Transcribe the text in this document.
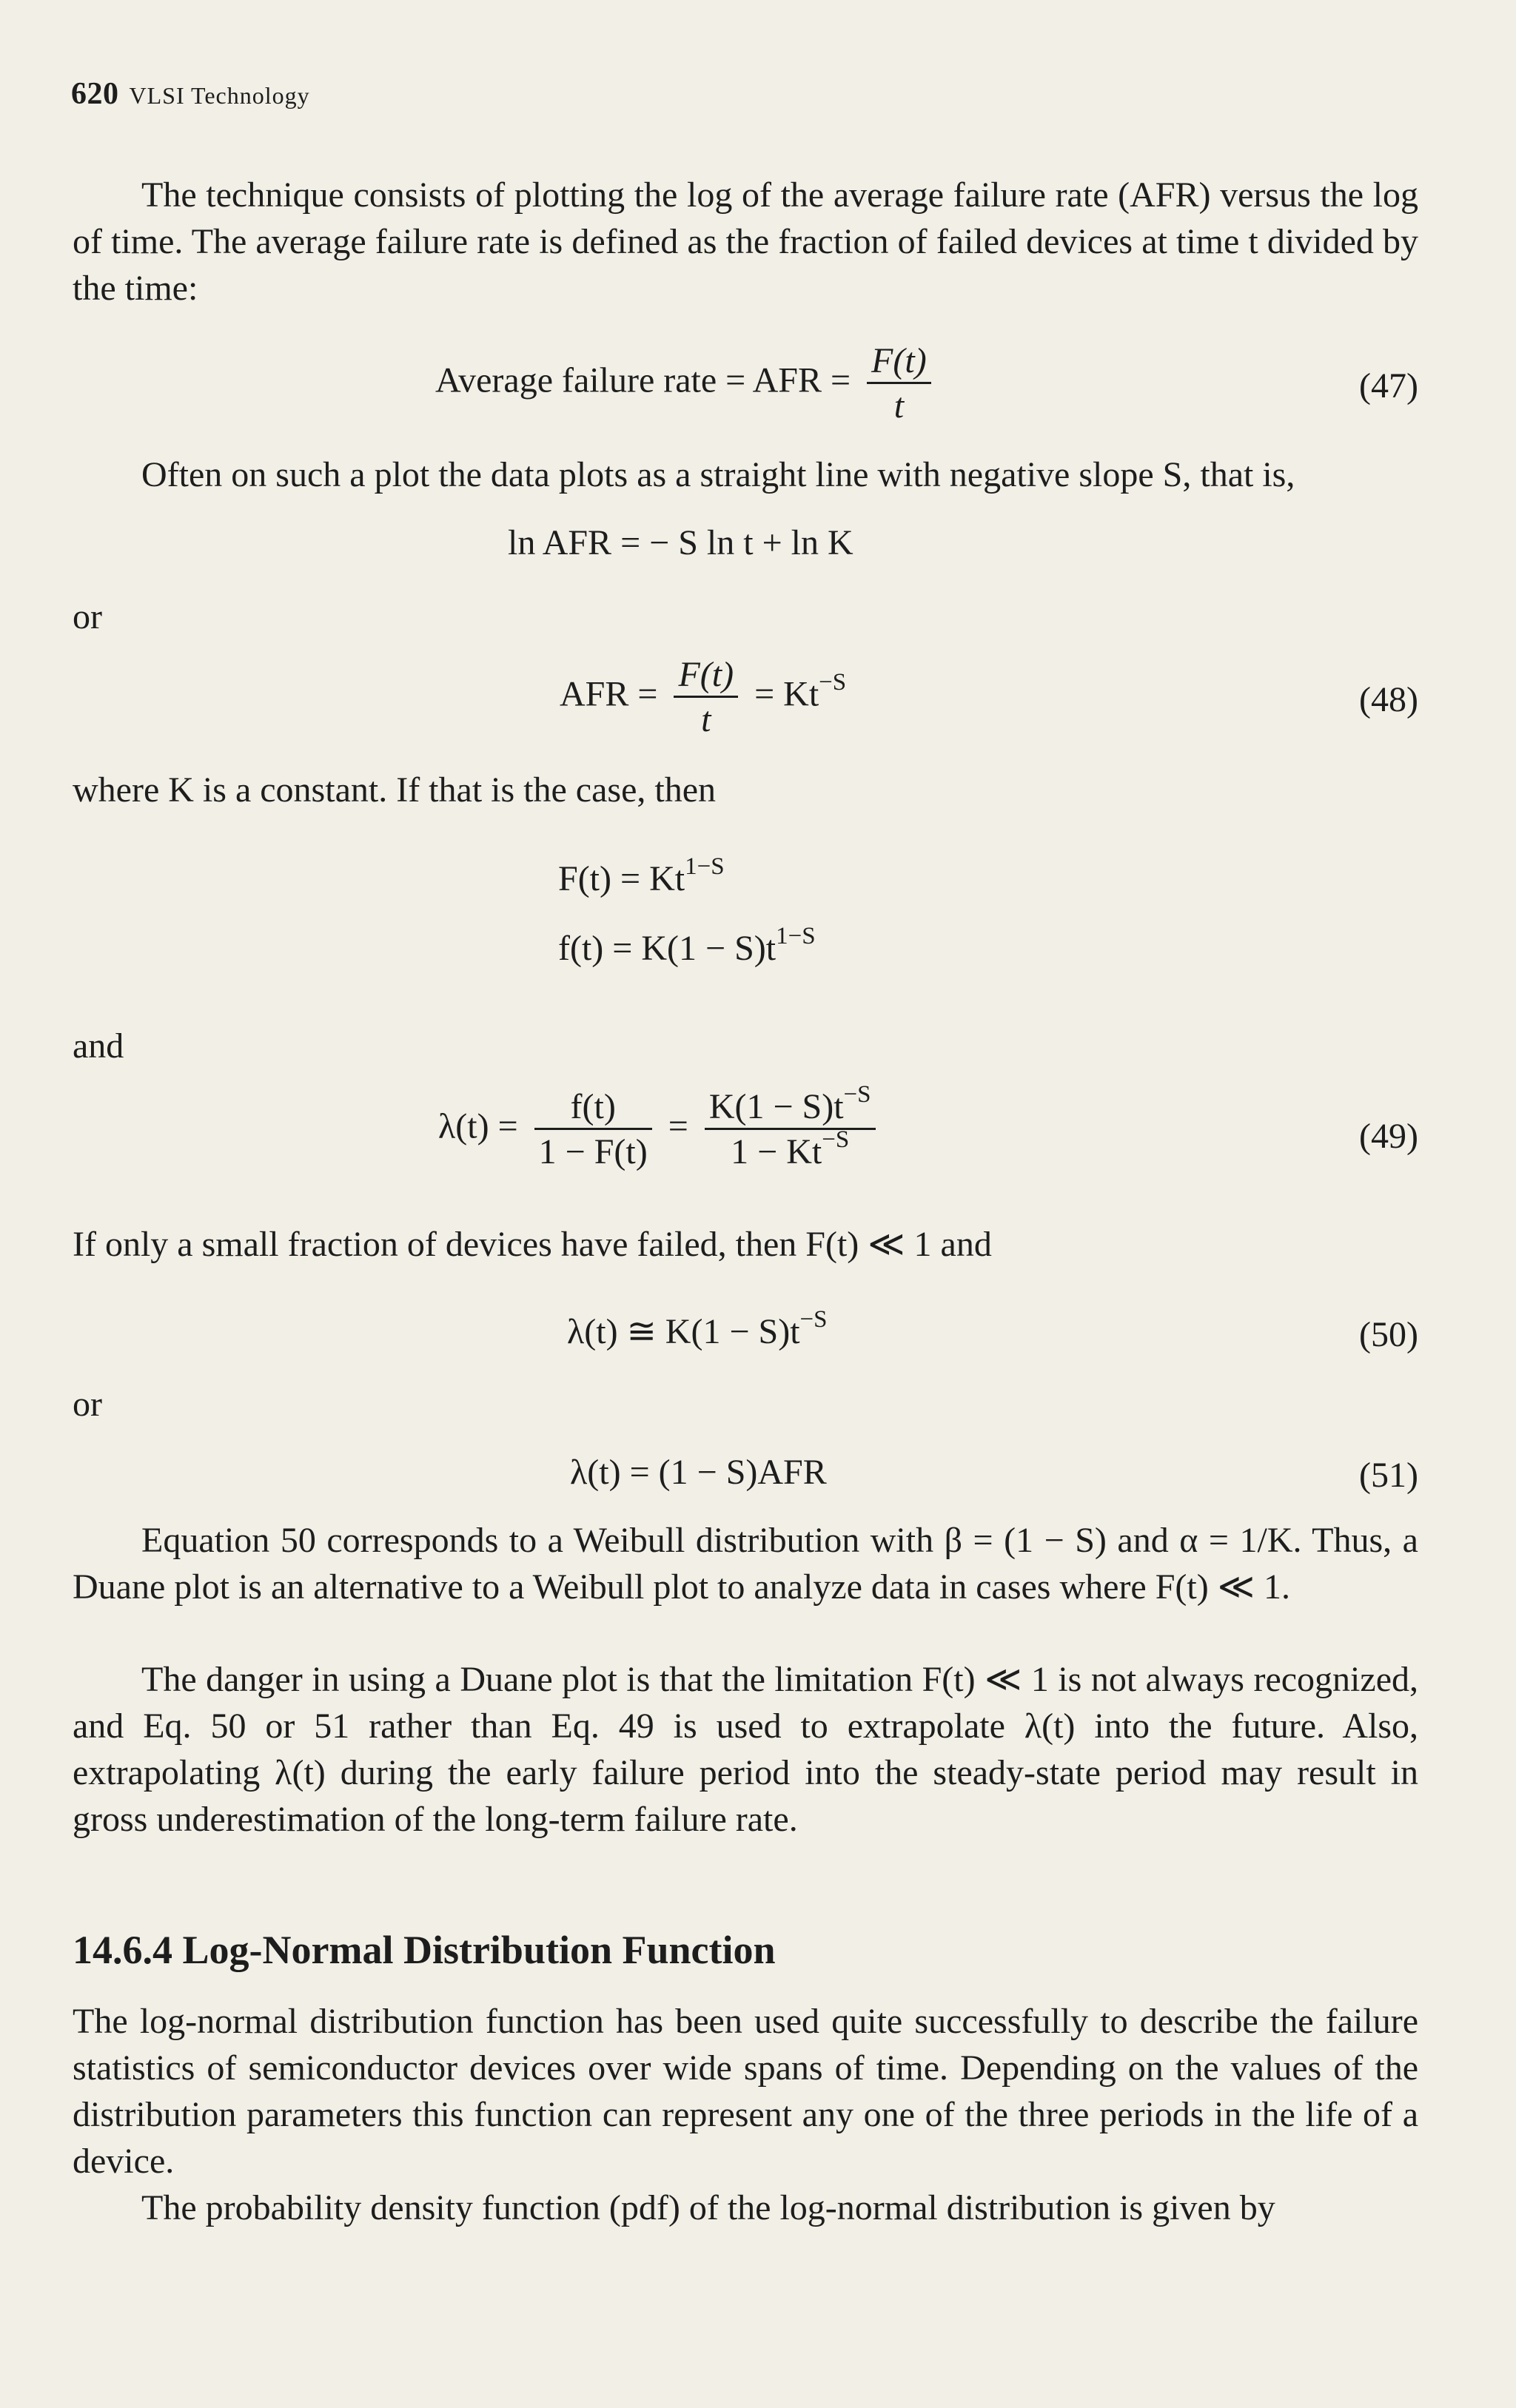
620 VLSI Technology

The technique consists of plotting the log of the average failure rate (AFR) versus the log of time. The average failure rate is defined as the fraction of failed devices at time t divided by the time:

Average failure rate = AFR = $\frac{F(t)}{t}$	(47)

Often on such a plot the data plots as a straight line with negative slope S, that is,

ln AFR = − S ln t + ln K
or
AFR = $\frac{F(t)}{t} = Kt^{-S}$	(48)

where K is a constant. If that is the case, then

$F(t) = Kt^{1-S}$
$f(t) = K(1 - S)t^{1-S}$
and
$\lambda(t) = \frac{f(t)}{1 - F(t)} = \frac{K(1 - S)t^{-S}}{1 - Kt^{-S}}$	(49)

If only a small fraction of devices have failed, then F(t) ≪ 1 and

λ(t) ≅ $K(1 - S)t^{-S}$	(50)
or
λ(t) = (1 − S)AFR	(51)

Equation 50 corresponds to a Weibull distribution with β = (1 − S) and α = 1/K. Thus, a Duane plot is an alternative to a Weibull plot to analyze data in cases where F(t) ≪ 1.

The danger in using a Duane plot is that the limitation F(t) ≪ 1 is not always recognized, and Eq. 50 or 51 rather than Eq. 49 is used to extrapolate λ(t) into the future. Also, extrapolating λ(t) during the early failure period into the steady-state period may result in gross underestimation of the long-term failure rate.

14.6.4 Log-Normal Distribution Function

The log-normal distribution function has been used quite successfully to describe the failure statistics of semiconductor devices over wide spans of time. Depending on the values of the distribution parameters this function can represent any one of the three periods in the life of a device.

The probability density function (pdf) of the log-normal distribution is given by
